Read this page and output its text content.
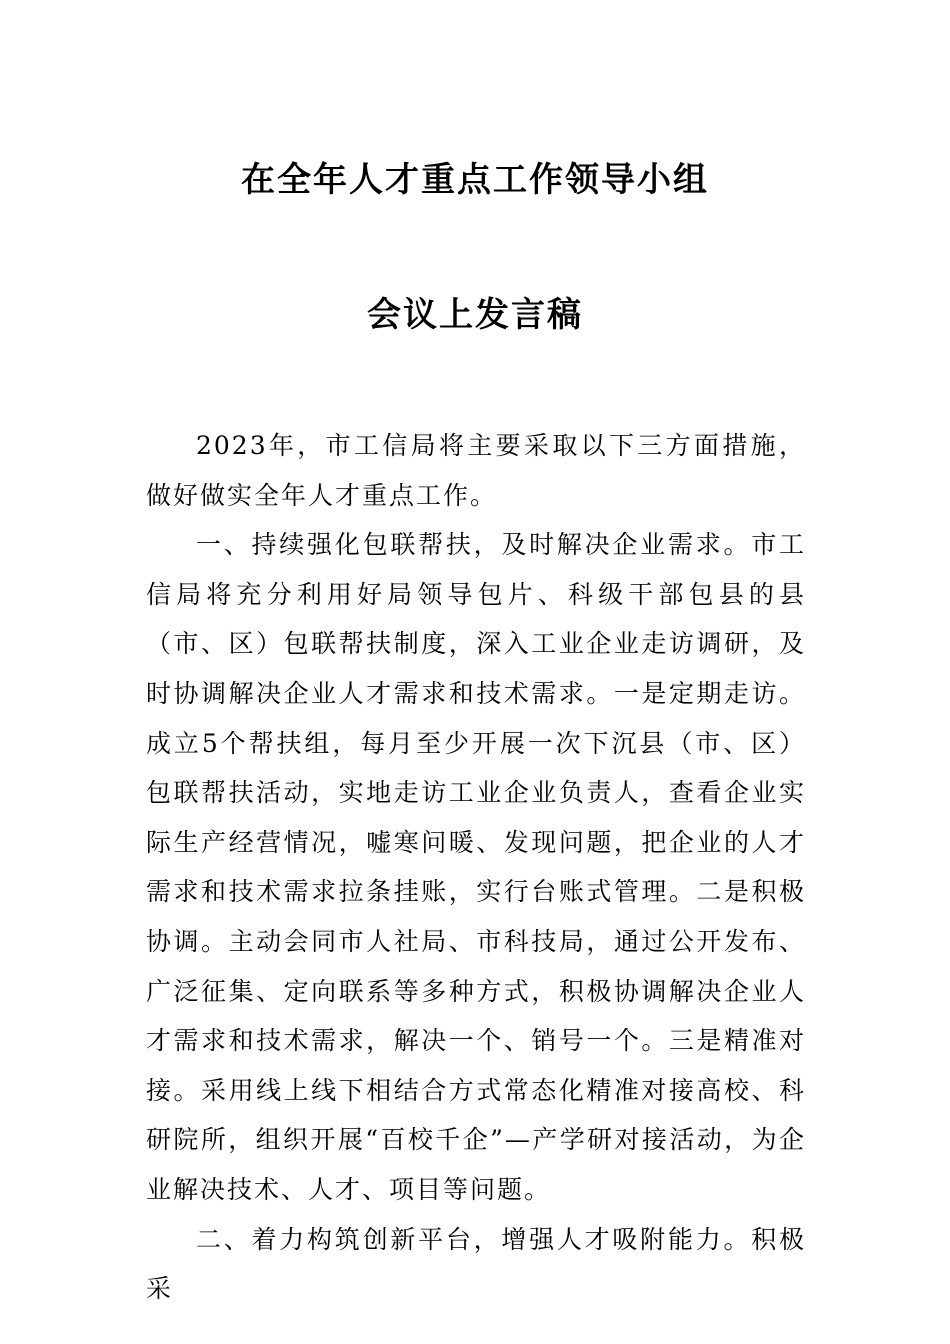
在全年人才重点工作领导小组
会议上发言稿

2023年，市工信局将主要采取以下三方面措施，做好做实全年人才重点工作。

一、持续强化包联帮扶，及时解决企业需求。市工信局将充分利用好局领导包片、科级干部包县的县（市、区）包联帮扶制度，深入工业企业走访调研，及时协调解决企业人才需求和技术需求。一是定期走访。成立5个帮扶组，每月至少开展一次下沉县（市、区）包联帮扶活动，实地走访工业企业负责人，查看企业实际生产经营情况，嘘寒问暖、发现问题，把企业的人才需求和技术需求拉条挂账，实行台账式管理。二是积极协调。主动会同市人社局、市科技局，通过公开发布、广泛征集、定向联系等多种方式，积极协调解决企业人才需求和技术需求，解决一个、销号一个。三是精准对接。采用线上线下相结合方式常态化精准对接高校、科研院所，组织开展“百校千企”—产学研对接活动，为企业解决技术、人才、项目等问题。

二、着力构筑创新平台，增强人才吸附能力。积极采
